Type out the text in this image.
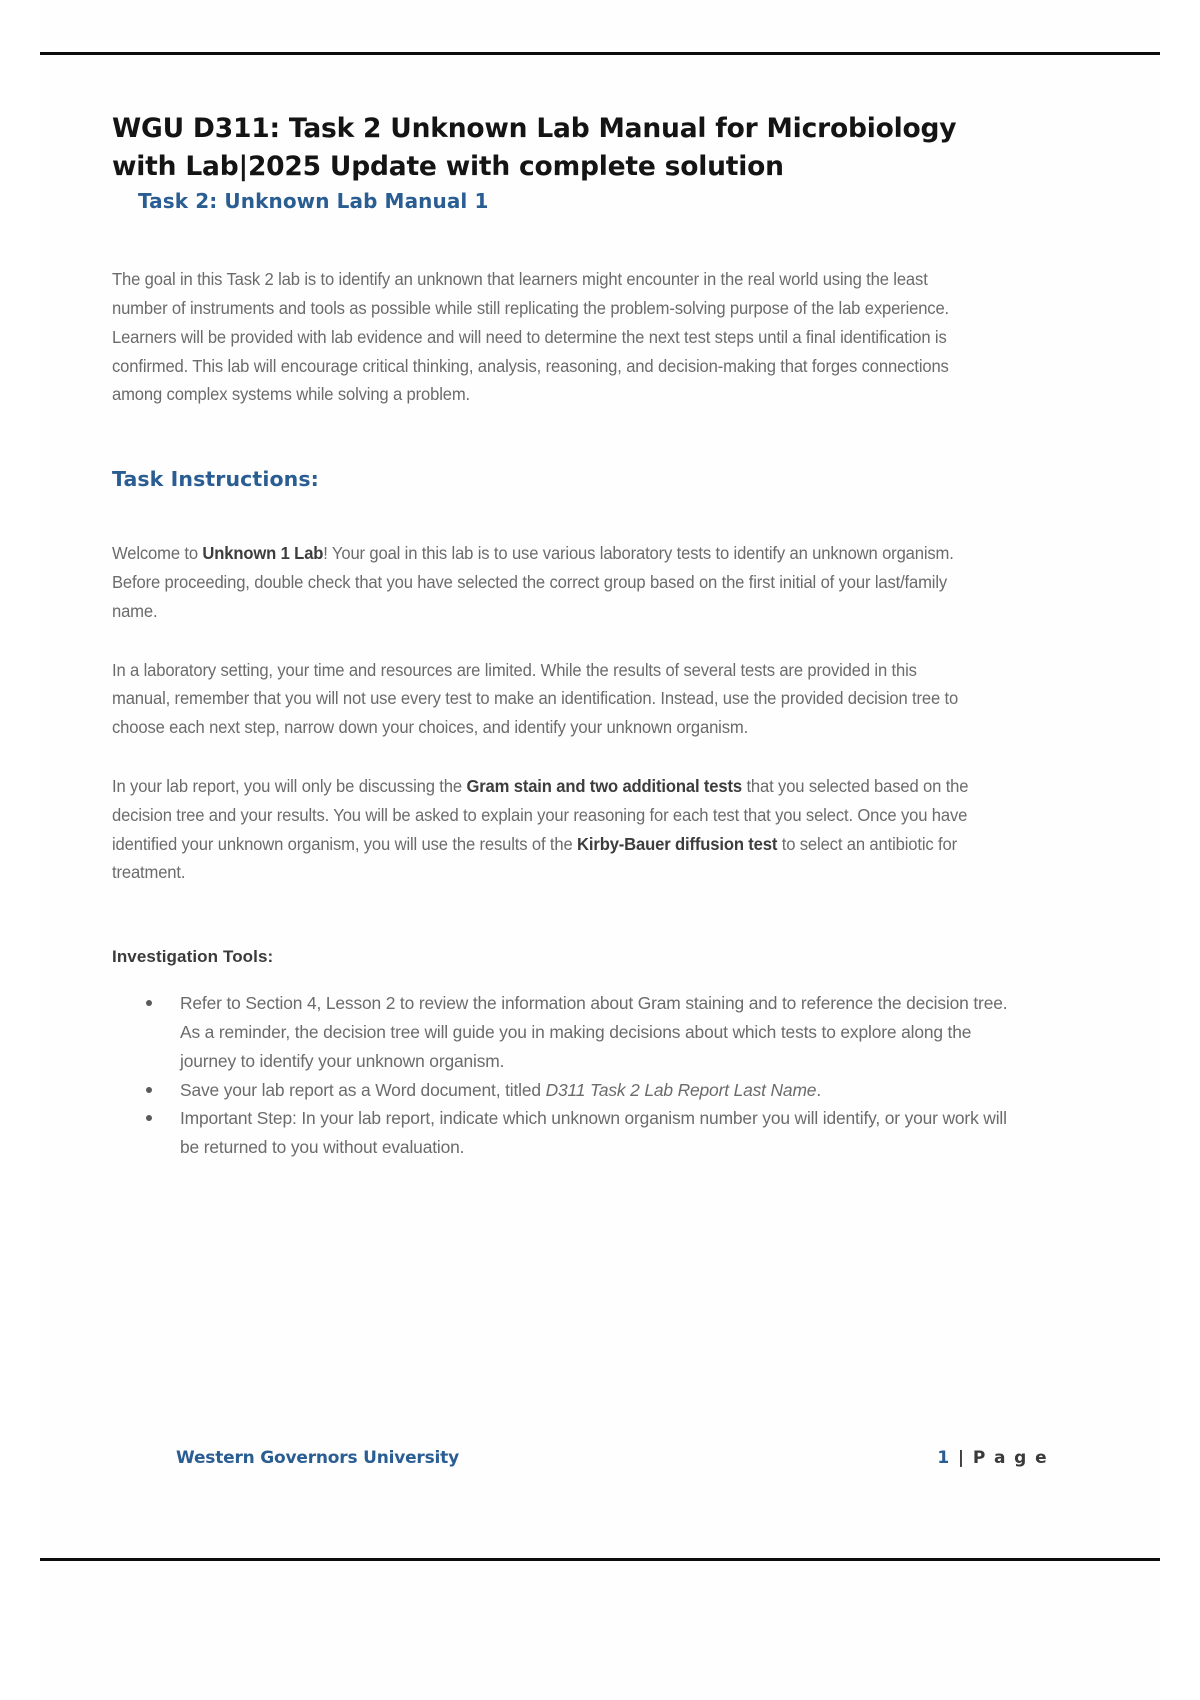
WGU D311: Task 2 Unknown Lab Manual for Microbiology with Lab|2025 Update with complete solution
Task 2: Unknown Lab Manual 1

The goal in this Task 2 lab is to identify an unknown that learners might encounter in the real world using the least number of instruments and tools as possible while still replicating the problem-solving purpose of the lab experience. Learners will be provided with lab evidence and will need to determine the next test steps until a final identification is confirmed. This lab will encourage critical thinking, analysis, reasoning, and decision-making that forges connections among complex systems while solving a problem.

Task Instructions:

Welcome to Unknown 1 Lab! Your goal in this lab is to use various laboratory tests to identify an unknown organism. Before proceeding, double check that you have selected the correct group based on the first initial of your last/family name.

In a laboratory setting, your time and resources are limited. While the results of several tests are provided in this manual, remember that you will not use every test to make an identification. Instead, use the provided decision tree to choose each next step, narrow down your choices, and identify your unknown organism.

In your lab report, you will only be discussing the Gram stain and two additional tests that you selected based on the decision tree and your results. You will be asked to explain your reasoning for each test that you select. Once you have identified your unknown organism, you will use the results of the Kirby-Bauer diffusion test to select an antibiotic for treatment.

Investigation Tools:
Refer to Section 4, Lesson 2 to review the information about Gram staining and to reference the decision tree. As a reminder, the decision tree will guide you in making decisions about which tests to explore along the journey to identify your unknown organism.
Save your lab report as a Word document, titled D311 Task 2 Lab Report Last Name.
Important Step: In your lab report, indicate which unknown organism number you will identify, or your work will be returned to you without evaluation.
Western Governors University	1 | P a g e
